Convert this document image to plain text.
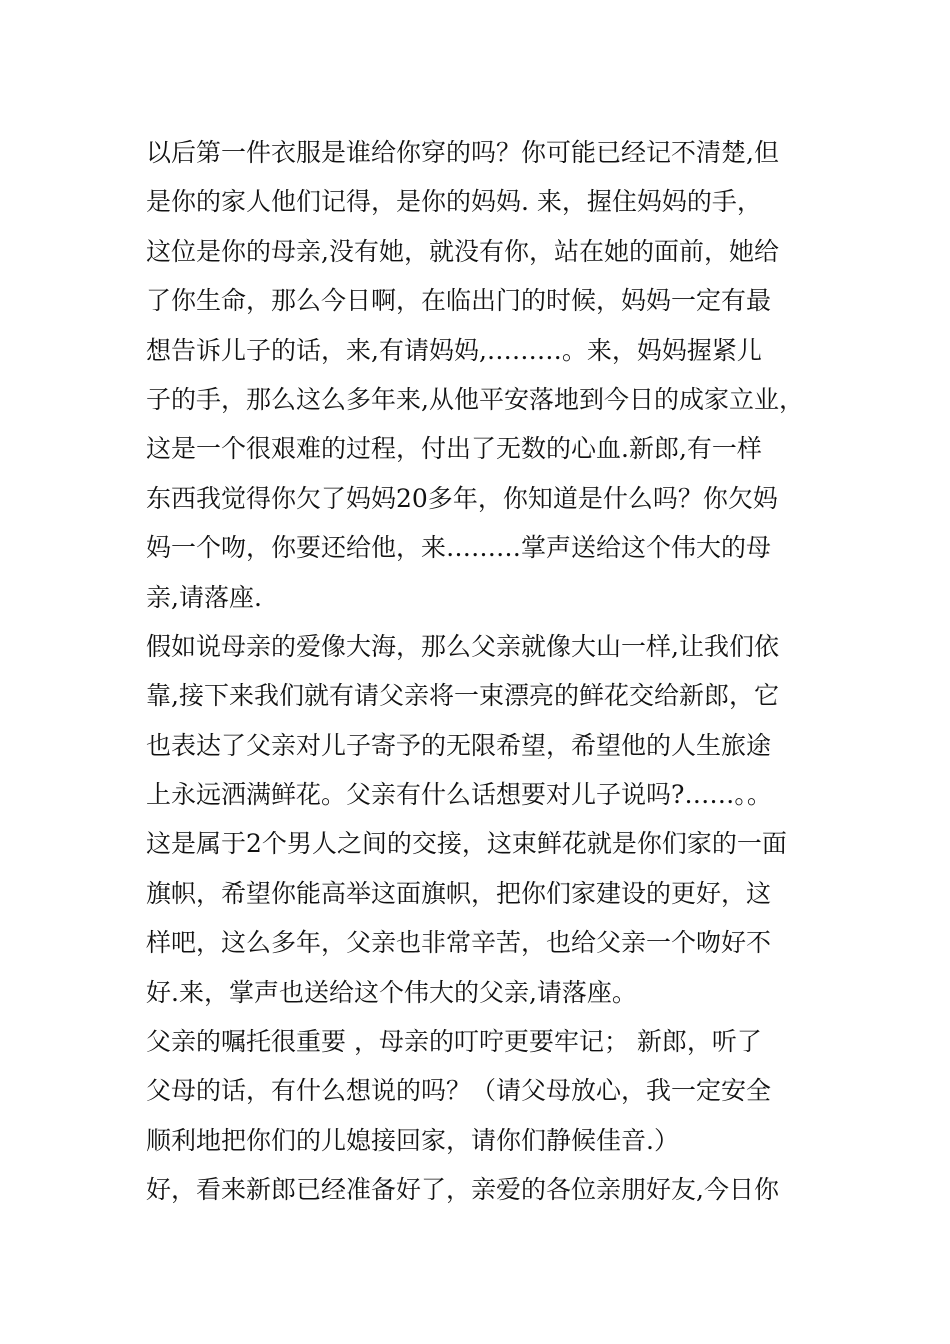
以后第一件衣服是谁给你穿的吗？你可能已经记不清楚,但
是你的家人他们记得，是你的妈妈. 来，握住妈妈的手，
这位是你的母亲,没有她，就没有你，站在她的面前，她给
了你生命，那么今日啊，在临出门的时候，妈妈一定有最
想告诉儿子的话，来,有请妈妈,………。来，妈妈握紧儿
子的手，那么这么多年来,从他平安落地到今日的成家立业，
这是一个很艰难的过程，付出了无数的心血.新郎,有一样
东西我觉得你欠了妈妈20多年，你知道是什么吗？你欠妈
妈一个吻，你要还给他，来………掌声送给这个伟大的母
亲,请落座.
假如说母亲的爱像大海，那么父亲就像大山一样,让我们依
靠,接下来我们就有请父亲将一束漂亮的鲜花交给新郎，它
也表达了父亲对儿子寄予的无限希望，希望他的人生旅途
上永远洒满鲜花。父亲有什么话想要对儿子说吗?……。。
这是属于2个男人之间的交接，这束鲜花就是你们家的一面
旗帜，希望你能高举这面旗帜，把你们家建设的更好，这
样吧，这么多年，父亲也非常辛苦，也给父亲一个吻好不
好.来，掌声也送给这个伟大的父亲,请落座。
父亲的嘱托很重要 ，母亲的叮咛更要牢记； 新郎，听了
父母的话，有什么想说的吗？（请父母放心，我一定安全
顺利地把你们的儿媳接回家，请你们静候佳音.）
好，看来新郎已经准备好了，亲爱的各位亲朋好友,今日你
